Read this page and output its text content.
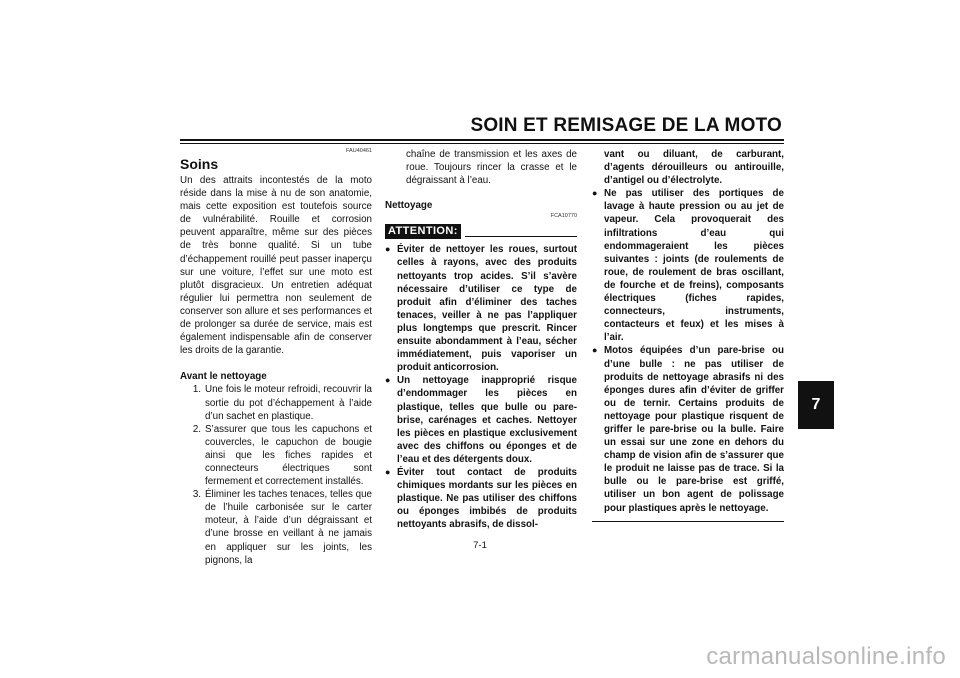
SOIN ET REMISAGE DE LA MOTO
7
FAU40461
Soins

Un des attraits incontestés de la moto réside dans la mise à nu de son anatomie, mais cette exposition est toutefois source de vulnérabilité. Rouille et corrosion peuvent apparaître, même sur des pièces de très bonne qualité. Si un tube d’échappement rouillé peut passer inaperçu sur une voiture, l’effet sur une moto est plutôt disgracieux. Un entretien adéquat régulier lui permettra non seulement de conserver son allure et ses performances et de prolonger sa durée de service, mais est également indispensable afin de conserver les droits de la garantie.

Avant le nettoyage
1. Une fois le moteur refroidi, recouvrir la sortie du pot d’échappement à l’aide d’un sachet en plastique.
2. S’assurer que tous les capuchons et couvercles, le capuchon de bougie ainsi que les fiches rapides et connecteurs électriques sont fermement et correctement installés.
3. Éliminer les taches tenaces, telles que de l’huile carbonisée sur le carter moteur, à l’aide d’un dégraissant et d’une brosse en veillant à ne jamais en appliquer sur les joints, les pignons, la

chaîne de transmission et les axes de roue. Toujours rincer la crasse et le dégraissant à l’eau.

Nettoyage
FCA10770
ATTENTION:
● Éviter de nettoyer les roues, surtout celles à rayons, avec des produits nettoyants trop acides. S’il s’avère nécessaire d’utiliser ce type de produit afin d’éliminer des taches tenaces, veiller à ne pas l’appliquer plus longtemps que prescrit. Rincer ensuite abondamment à l’eau, sécher immédiatement, puis vaporiser un produit anticorrosion.
● Un nettoyage inapproprié risque d’endommager les pièces en plastique, telles que bulle ou pare-brise, carénages et caches. Nettoyer les pièces en plastique exclusivement avec des chiffons ou éponges et de l’eau et des détergents doux.
● Éviter tout contact de produits chimiques mordants sur les pièces en plastique. Ne pas utiliser des chiffons ou éponges imbibés de produits nettoyants abrasifs, de dissol-

vant ou diluant, de carburant, d’agents dérouilleurs ou antirouille, d’antigel ou d’électrolyte.

● Ne pas utiliser des portiques de lavage à haute pression ou au jet de vapeur. Cela provoquerait des infiltrations d’eau qui endommageraient les pièces suivantes : joints (de roulements de roue, de roulement de bras oscillant, de fourche et de freins), composants électriques (fiches rapides, connecteurs, instruments, contacteurs et feux) et les mises à l’air.
● Motos équipées d’un pare-brise ou d’une bulle : ne pas utiliser de produits de nettoyage abrasifs ni des éponges dures afin d’éviter de griffer ou de ternir. Certains produits de nettoyage pour plastique risquent de griffer le pare-brise ou la bulle. Faire un essai sur une zone en dehors du champ de vision afin de s’assurer que le produit ne laisse pas de trace. Si la bulle ou le pare-brise est griffé, utiliser un bon agent de polissage pour plastiques après le nettoyage.
7-1
carmanualsonline.info
